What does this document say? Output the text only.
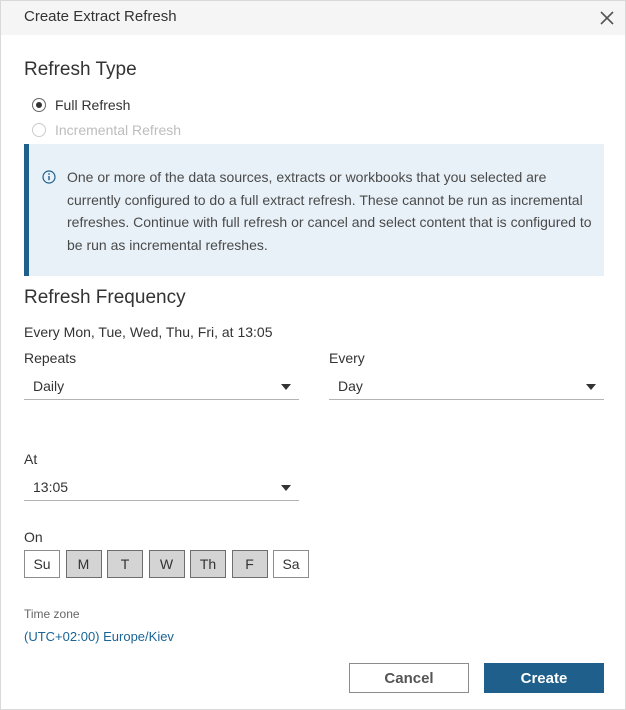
Create Extract Refresh
Refresh Type
Full Refresh
Incremental Refresh
One or more of the data sources, extracts or workbooks that you selected are currently configured to do a full extract refresh. These cannot be run as incremental refreshes. Continue with full refresh or cancel and select content that is configured to be run as incremental refreshes.
Refresh Frequency
Every Mon, Tue, Wed, Thu, Fri, at 13:05
Repeats
Daily
Every
Day
At
13:05
On
Su	M	T	W	Th	F	Sa
Time zone
(UTC+02:00) Europe/Kiev
Cancel	Create
